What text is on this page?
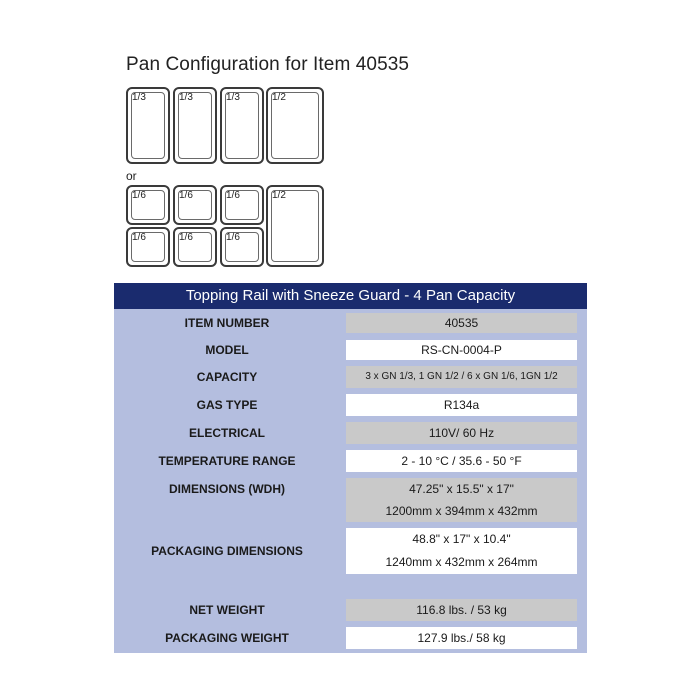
Pan Configuration for Item 40535
1/3	1/3	1/3	1/2
or
1/6	1/6	1/6
1/6	1/6	1/6
1/2
Topping Rail with Sneeze Guard - 4 Pan Capacity
ITEM NUMBER	40535
MODEL	RS-CN-0004-P
CAPACITY	3 x GN 1/3, 1 GN 1/2 / 6 x GN 1/6, 1GN 1/2
GAS TYPE	R134a
ELECTRICAL	110V/ 60 Hz
TEMPERATURE RANGE	2 - 10 °C / 35.6 - 50 °F
DIMENSIONS (WDH)	47.25" x 15.5" x 17"
1200mm x 394mm x 432mm
PACKAGING DIMENSIONS
48.8" x 17" x 10.4"
1240mm x 432mm x 264mm
NET WEIGHT	116.8 lbs. / 53 kg
PACKAGING WEIGHT	127.9 lbs./ 58 kg
